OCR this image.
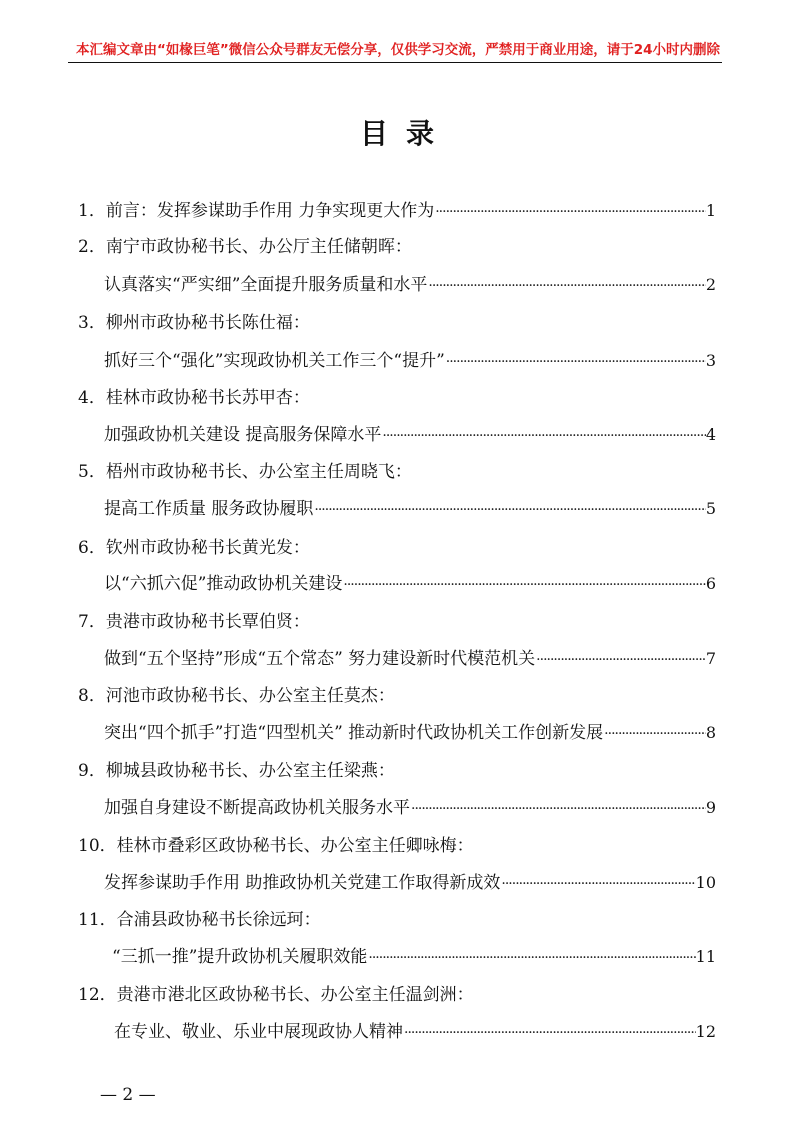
本汇编文章由“如椽巨笔”微信公众号群友无偿分享，仅供学习交流，严禁用于商业用途，请于24小时内删除
目录
1．前言：发挥参谋助手作用 力争实现更大作为 ·····	1
2．南宁市政协秘书长、办公厅主任储朝晖：
认真落实“严实细”全面提升服务质量和水平 ·····	2
3．柳州市政协秘书长陈仕福：
抓好三个“强化”实现政协机关工作三个“提升” ·····	3
4．桂林市政协秘书长苏甲杏：
加强政协机关建设 提高服务保障水平 ·····	4
5．梧州市政协秘书长、办公室主任周晓飞：
提高工作质量 服务政协履职 ·····	5
6．钦州市政协秘书长黄光发：
以“六抓六促”推动政协机关建设 ·····	6
7．贵港市政协秘书长覃伯贤：
做到“五个坚持”形成“五个常态” 努力建设新时代模范机关 ·····	7
8．河池市政协秘书长、办公室主任莫杰：
突出“四个抓手”打造“四型机关” 推动新时代政协机关工作创新发展 ·····	8
9．柳城县政协秘书长、办公室主任梁燕：
加强自身建设不断提高政协机关服务水平 ·····	9
10．桂林市叠彩区政协秘书长、办公室主任卿咏梅：
发挥参谋助手作用 助推政协机关党建工作取得新成效 ·····	10
11．合浦县政协秘书长徐远珂：
“三抓一推”提升政协机关履职效能 ·····	11
12．贵港市港北区政协秘书长、办公室主任温剑洲：
在专业、敬业、乐业中展现政协人精神 ·····	12
— 2 —
